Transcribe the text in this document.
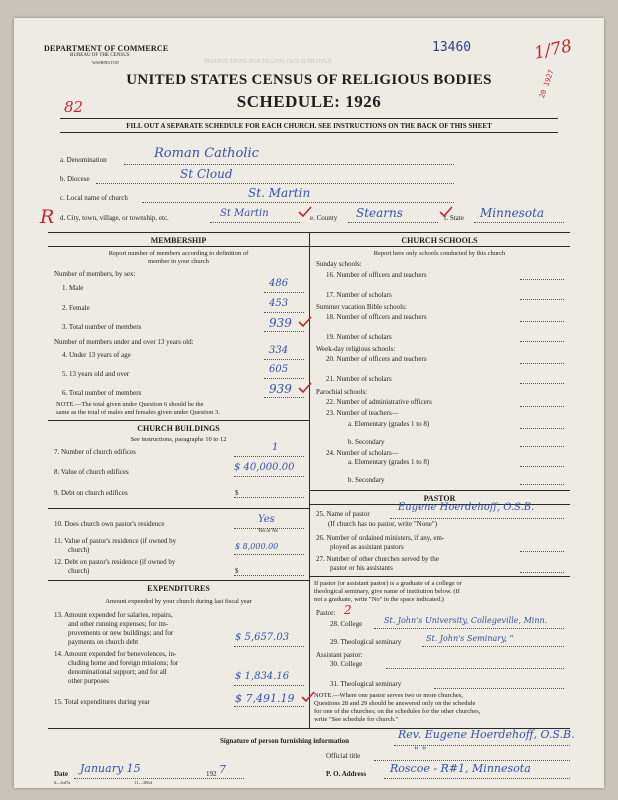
DEPARTMENT OF COMMERCE
BUREAU OF THE CENSUS
WASHINGTON	INSTRUCTIONS FOR FILLING OUT SCHEDULE
13460	1/78
20 1927
82
UNITED STATES CENSUS OF RELIGIOUS BODIES
SCHEDULE: 1926
FILL OUT A SEPARATE SCHEDULE FOR EACH CHURCH. SEE INSTRUCTIONS ON THE BACK OF THIS SHEET
a. Denomination	Roman Catholic
b. Diocese	St Cloud
c. Local name of church	St. Martin
R d. City, town, village, or township, etc.	St Martin	e. County Stearns	f. State Minnesota
MEMBERSHIP
Report number of members according to definition of
member in your church
Number of members, by sex:
1. Male	486
2. Female	453
3. Total number of members	939
Number of members under and over 13 years old:
4. Under 13 years of age	334
5. 13 years old and over	605
6. Total number of members	939
NOTE.—The total given under Question 6 should be the
same as the total of males and females given under Question 3.
CHURCH BUILDINGS
See instructions, paragraphs 10 to 12
7. Number of church edifices	1
8. Value of church edifices	$ 40,000.00
9. Debt on church edifices	$
10. Does church own pastor's residence	Yes
Yes or No
11. Value of pastor's residence (if owned by
church)	$ 8,000.00
12. Debt on pastor's residence (if owned by
church)	$
EXPENDITURES
Amount expended by your church during last fiscal year
13. Amount expended for salaries, repairs,
and other running expenses; for im-
provements or new buildings; and for
payments on church debt	$ 5,657.03
14. Amount expended for benevolences, in-
cluding home and foreign missions; for
denominational support; and for all
other purposes	$ 1,834.16
15. Total expenditures during year	$ 7,491.19
CHURCH SCHOOLS
Report here only schools conducted by this church
Sunday schools:
16. Number of officers and teachers
17. Number of scholars
Summer vacation Bible schools:
18. Number of officers and teachers
19. Number of scholars
Week-day religious schools:
20. Number of officers and teachers
21. Number of scholars
Parochial schools:
22. Number of administrative officers
23. Number of teachers—
a. Elementary (grades 1 to 8)
b. Secondary
24. Number of scholars—
a. Elementary (grades 1 to 8)
b. Secondary
PASTOR
25. Name of pastor
Eugene Hoerdehoff, O.S.B.
(If church has no pastor, write "None")
26. Number of ordained ministers, if any, em-
ployed as assistant pastors
27. Number of other churches served by the
pastor or his assistants
If pastor (or assistant pastor) is a graduate of a college or
theological seminary, give name of institution below. (If
not a graduate, write "No" in the space indicated.)
Pastor: 2
28. College	St. John's University, Collegeville, Minn.
29. Theological seminary	St. John's Seminary, "
Assistant pastor:
30. College
31. Theological seminary
NOTE.—Where one pastor serves two or more churches,
Questions 28 and 29 should be answered only on the schedule
for one of the churches; on the schedules for the other churches,
write "See schedule for church."
Signature of person furnishing information	Rev. Eugene Hoerdehoff, O.S.B.
Official title	" "
Date January 15	192 7	P. O. Address Roscoe - R#1, Minnesota
6—Jul7a	11—3064
